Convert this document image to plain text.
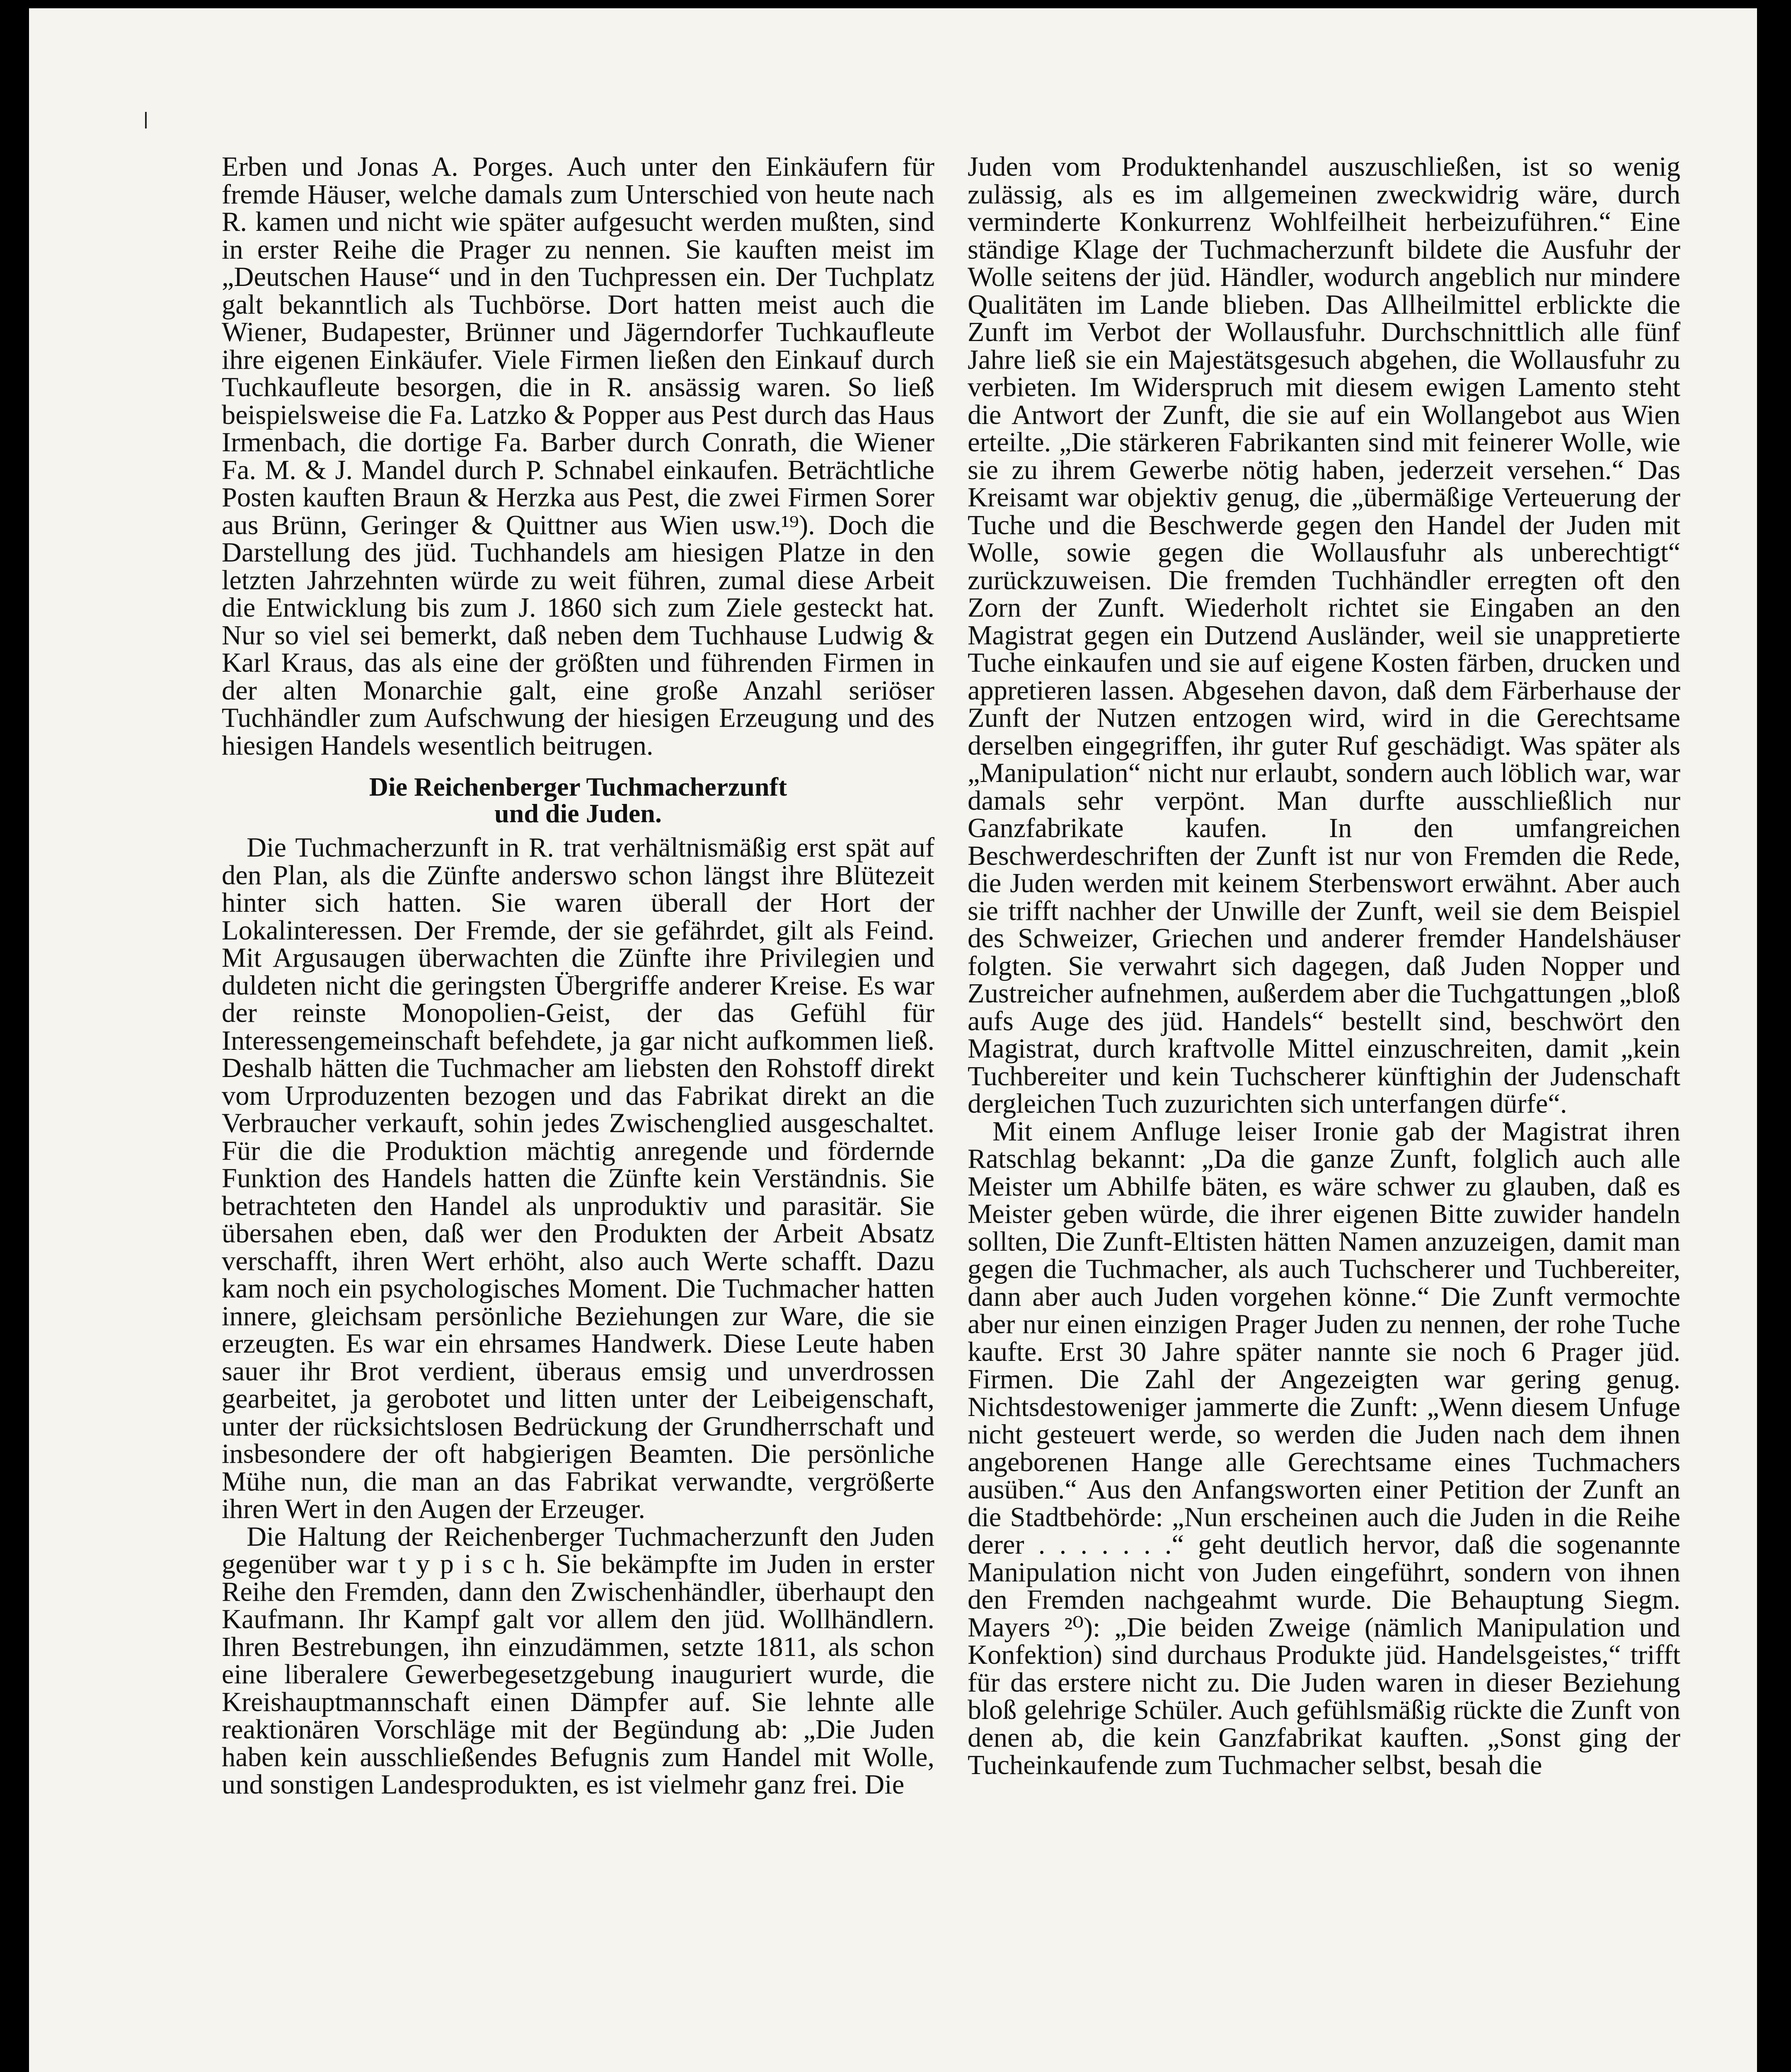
Erben und Jonas A. Porges. Auch unter den Einkäufern für fremde Häuser, welche damals zum Unterschied von heute nach R. kamen und nicht wie später aufgesucht werden mußten, sind in erster Reihe die Prager zu nennen. Sie kauften meist im „Deutschen Hause“ und in den Tuchpressen ein. Der Tuchplatz galt bekanntlich als Tuchbörse. Dort hatten meist auch die Wiener, Budapester, Brünner und Jägerndorfer Tuchkaufleute ihre eigenen Einkäufer. Viele Firmen ließen den Einkauf durch Tuchkaufleute besorgen, die in R. ansässig waren. So ließ beispielsweise die Fa. Latzko & Popper aus Pest durch das Haus Irmenbach, die dortige Fa. Barber durch Conrath, die Wiener Fa. M. & J. Mandel durch P. Schnabel einkaufen. Beträchtliche Posten kauften Braun & Herzka aus Pest, die zwei Firmen Sorer aus Brünn, Geringer & Quittner aus Wien usw.¹⁹). Doch die Darstellung des jüd. Tuchhandels am hiesigen Platze in den letzten Jahrzehnten würde zu weit führen, zumal diese Arbeit die Entwicklung bis zum J. 1860 sich zum Ziele gesteckt hat. Nur so viel sei bemerkt, daß neben dem Tuchhause Ludwig & Karl Kraus, das als eine der größten und führenden Firmen in der alten Monarchie galt, eine große Anzahl seriöser Tuchhändler zum Aufschwung der hiesigen Erzeugung und des hiesigen Handels wesentlich beitrugen.

Die Reichenberger Tuchmacherzunft
und die Juden.

Die Tuchmacherzunft in R. trat verhältnismäßig erst spät auf den Plan, als die Zünfte anderswo schon längst ihre Blütezeit hinter sich hatten. Sie waren überall der Hort der Lokalinteressen. Der Fremde, der sie gefährdet, gilt als Feind. Mit Argusaugen überwachten die Zünfte ihre Privilegien und duldeten nicht die geringsten Übergriffe anderer Kreise. Es war der reinste Monopolien-Geist, der das Gefühl für Interessengemeinschaft befehdete, ja gar nicht aufkommen ließ. Deshalb hätten die Tuchmacher am liebsten den Rohstoff direkt vom Urproduzenten bezogen und das Fabrikat direkt an die Verbraucher verkauft, sohin jedes Zwischenglied ausgeschaltet. Für die die Produktion mächtig anregende und fördernde Funktion des Handels hatten die Zünfte kein Verständnis. Sie betrachteten den Handel als unproduktiv und parasitär. Sie übersahen eben, daß wer den Produkten der Arbeit Absatz verschafft, ihren Wert erhöht, also auch Werte schafft. Dazu kam noch ein psychologisches Moment. Die Tuchmacher hatten innere, gleichsam persönliche Beziehungen zur Ware, die sie erzeugten. Es war ein ehrsames Handwerk. Diese Leute haben sauer ihr Brot verdient, überaus emsig und unverdrossen gearbeitet, ja gerobotet und litten unter der Leibeigenschaft, unter der rücksichtslosen Bedrückung der Grundherrschaft und insbesondere der oft habgierigen Beamten. Die persönliche Mühe nun, die man an das Fabrikat verwandte, vergrößerte ihren Wert in den Augen der Erzeuger.

Die Haltung der Reichenberger Tuchmacherzunft den Juden gegenüber war t y p i s c h. Sie bekämpfte im Juden in erster Reihe den Fremden, dann den Zwischenhändler, überhaupt den Kaufmann. Ihr Kampf galt vor allem den jüd. Wollhändlern. Ihren Bestrebungen, ihn einzudämmen, setzte 1811, als schon eine liberalere Gewerbegesetzgebung inauguriert wurde, die Kreishauptmannschaft einen Dämpfer auf. Sie lehnte alle reaktionären Vorschläge mit der Begündung ab: „Die Juden haben kein ausschließendes Befugnis zum Handel mit Wolle, und sonstigen Landesprodukten, es ist vielmehr ganz frei. Die

Juden vom Produktenhandel auszuschließen, ist so wenig zulässig, als es im allgemeinen zweckwidrig wäre, durch verminderte Konkurrenz Wohlfeilheit herbeizuführen.“ Eine ständige Klage der Tuchmacherzunft bildete die Ausfuhr der Wolle seitens der jüd. Händler, wodurch angeblich nur mindere Qualitäten im Lande blieben. Das Allheilmittel erblickte die Zunft im Verbot der Wollausfuhr. Durchschnittlich alle fünf Jahre ließ sie ein Majestätsgesuch abgehen, die Wollausfuhr zu verbieten. Im Widerspruch mit diesem ewigen Lamento steht die Antwort der Zunft, die sie auf ein Wollangebot aus Wien erteilte. „Die stärkeren Fabrikanten sind mit feinerer Wolle, wie sie zu ihrem Gewerbe nötig haben, jederzeit versehen.“ Das Kreisamt war objektiv genug, die „übermäßige Verteuerung der Tuche und die Beschwerde gegen den Handel der Juden mit Wolle, sowie gegen die Wollausfuhr als unberechtigt“ zurückzuweisen. Die fremden Tuchhändler erregten oft den Zorn der Zunft. Wiederholt richtet sie Eingaben an den Magistrat gegen ein Dutzend Ausländer, weil sie unappretierte Tuche einkaufen und sie auf eigene Kosten färben, drucken und appretieren lassen. Abgesehen davon, daß dem Färberhause der Zunft der Nutzen entzogen wird, wird in die Gerechtsame derselben eingegriffen, ihr guter Ruf geschädigt. Was später als „Manipulation“ nicht nur erlaubt, sondern auch löblich war, war damals sehr verpönt. Man durfte ausschließlich nur Ganzfabrikate kaufen. In den umfangreichen Beschwerdeschriften der Zunft ist nur von Fremden die Rede, die Juden werden mit keinem Sterbenswort erwähnt. Aber auch sie trifft nachher der Unwille der Zunft, weil sie dem Beispiel des Schweizer, Griechen und anderer fremder Handelshäuser folgten. Sie verwahrt sich dagegen, daß Juden Nopper und Zustreicher aufnehmen, außerdem aber die Tuchgattungen „bloß aufs Auge des jüd. Handels“ bestellt sind, beschwört den Magistrat, durch kraftvolle Mittel einzuschreiten, damit „kein Tuchbereiter und kein Tuchscherer künftighin der Judenschaft dergleichen Tuch zuzurichten sich unterfangen dürfe“.

Mit einem Anfluge leiser Ironie gab der Magistrat ihren Ratschlag bekannt: „Da die ganze Zunft, folglich auch alle Meister um Abhilfe bäten, es wäre schwer zu glauben, daß es Meister geben würde, die ihrer eigenen Bitte zuwider handeln sollten, Die Zunft-Eltisten hätten Namen anzuzeigen, damit man gegen die Tuchmacher, als auch Tuchscherer und Tuchbereiter, dann aber auch Juden vorgehen könne.“ Die Zunft vermochte aber nur einen einzigen Prager Juden zu nennen, der rohe Tuche kaufte. Erst 30 Jahre später nannte sie noch 6 Prager jüd. Firmen. Die Zahl der Angezeigten war gering genug. Nichtsdestoweniger jammerte die Zunft: „Wenn diesem Unfuge nicht gesteuert werde, so werden die Juden nach dem ihnen angeborenen Hange alle Gerechtsame eines Tuchmachers ausüben.“ Aus den Anfangsworten einer Petition der Zunft an die Stadtbehörde: „Nun erscheinen auch die Juden in die Reihe derer . . . . . . .“ geht deutlich hervor, daß die sogenannte Manipulation nicht von Juden eingeführt, sondern von ihnen den Fremden nachgeahmt wurde. Die Behauptung Siegm. Mayers ²⁰): „Die beiden Zweige (nämlich Manipulation und Konfektion) sind durchaus Produkte jüd. Handelsgeistes,“ trifft für das erstere nicht zu. Die Juden waren in dieser Beziehung bloß gelehrige Schüler. Auch gefühlsmäßig rückte die Zunft von denen ab, die kein Ganzfabrikat kauften. „Sonst ging der Tucheinkaufende zum Tuchmacher selbst, besah die
